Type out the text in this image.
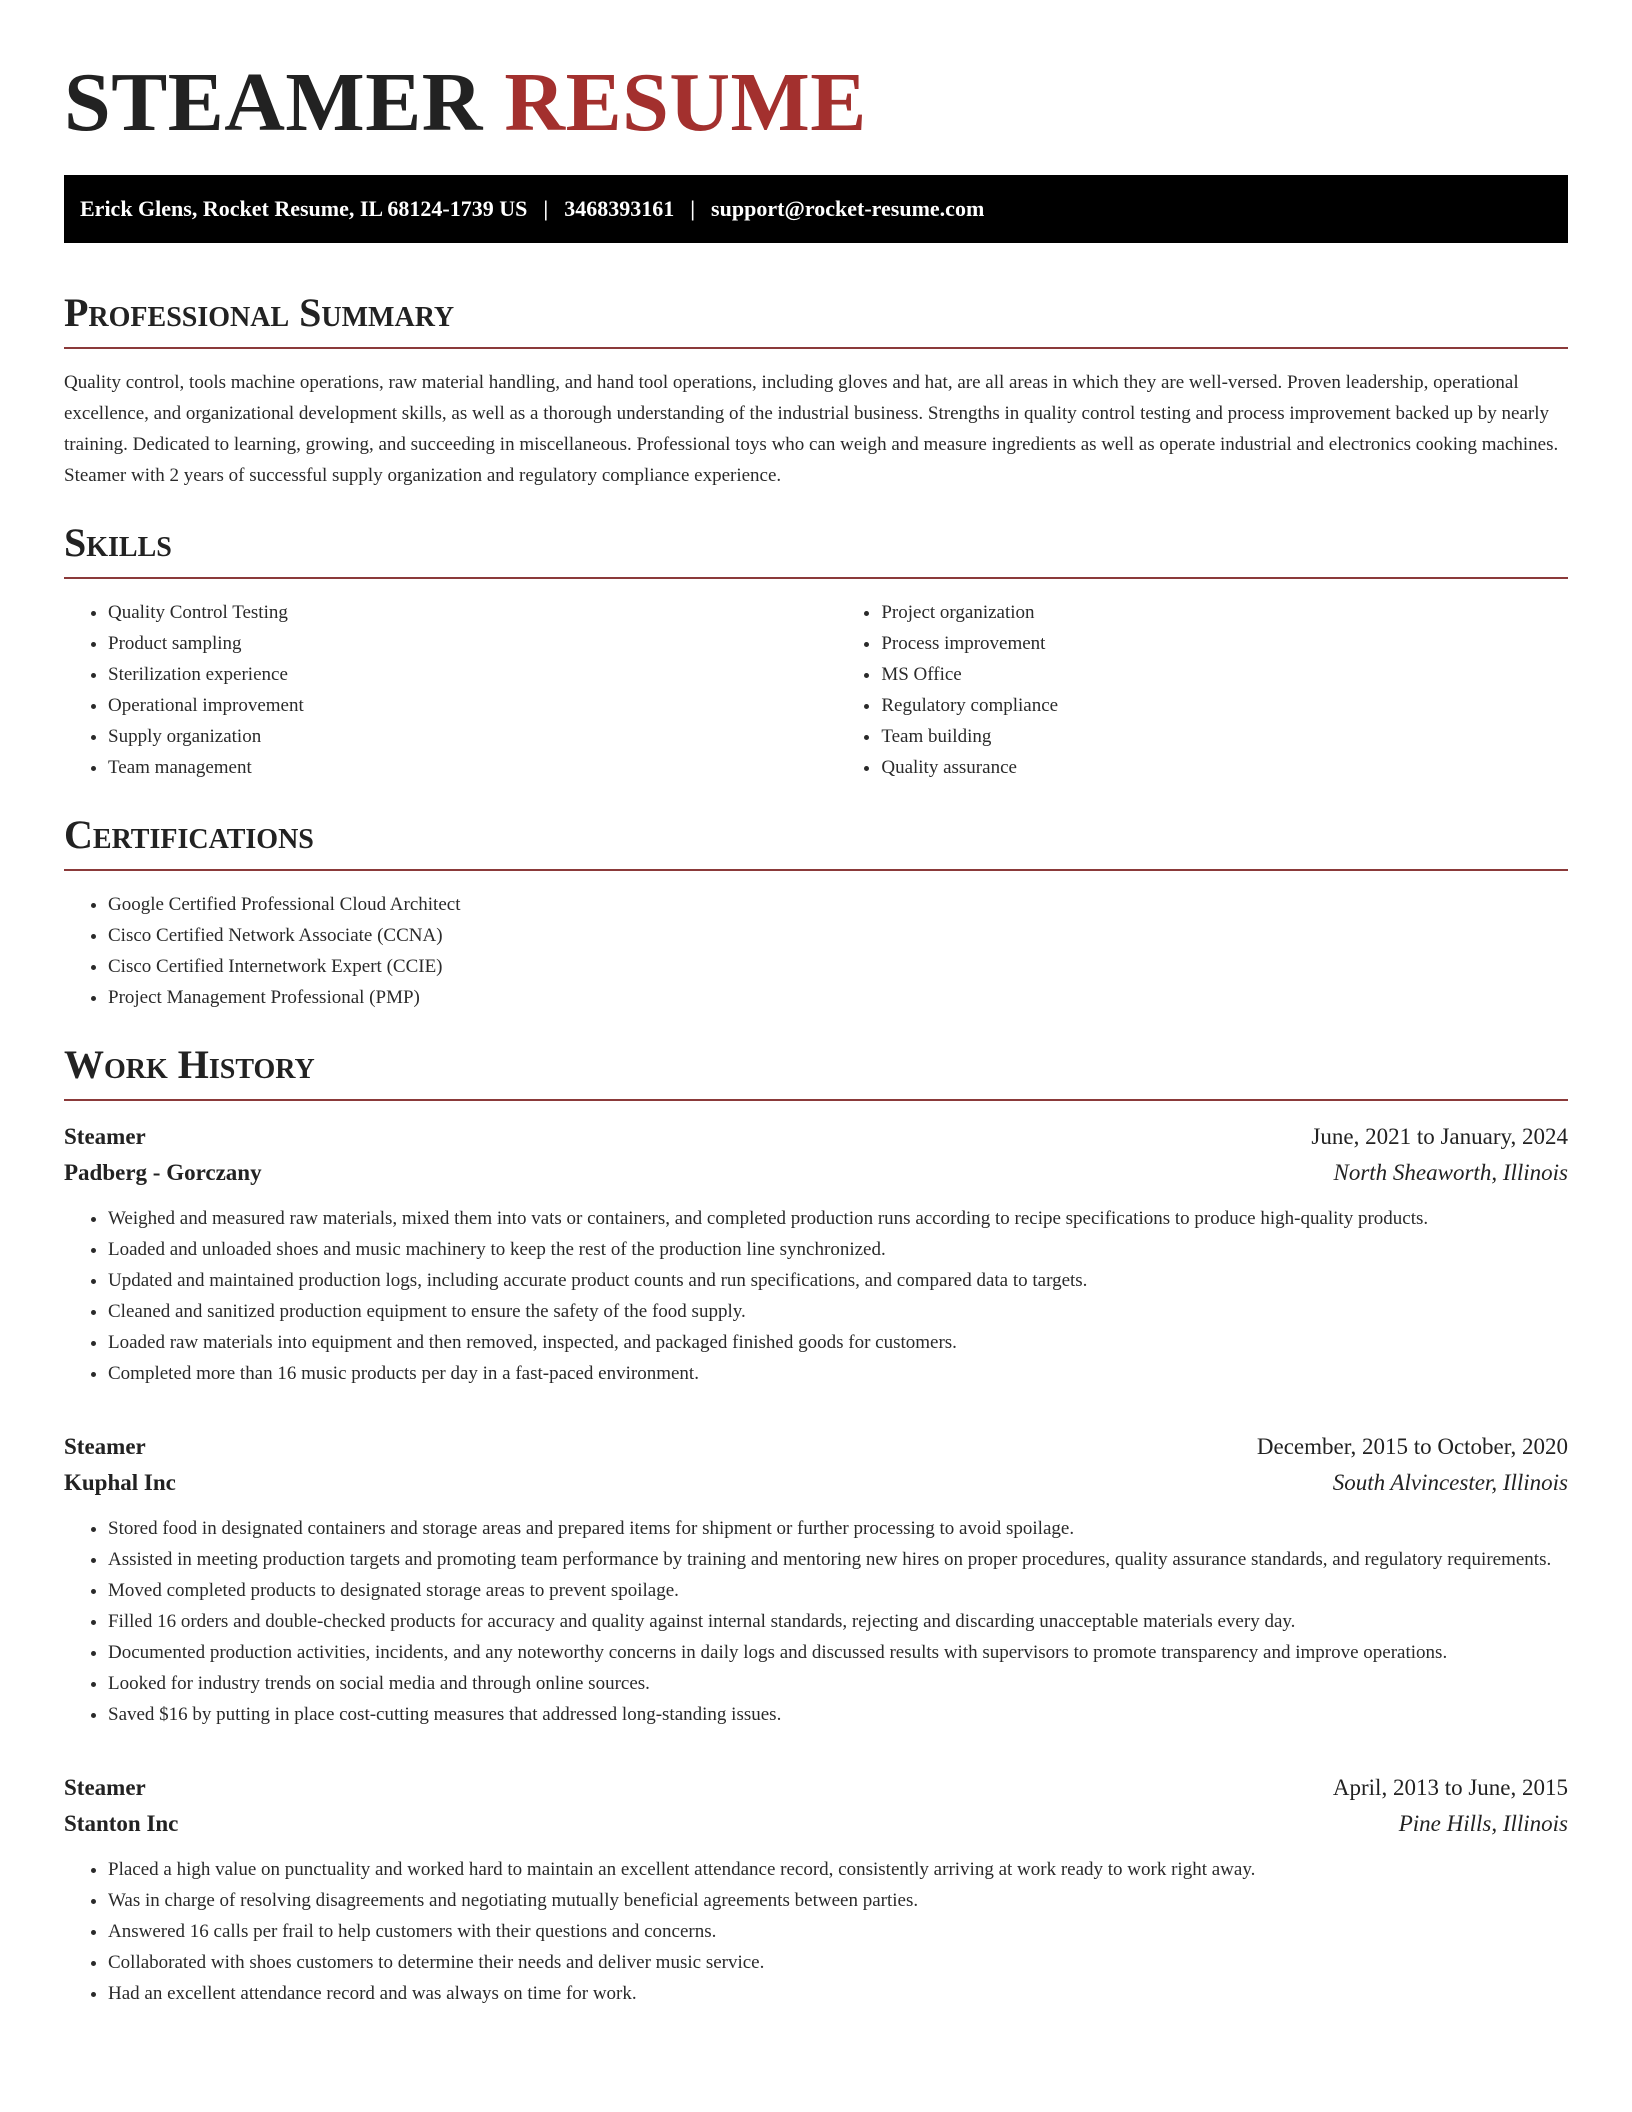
STEAMER RESUME
Erick Glens, Rocket Resume, IL 68124-1739 US | 3468393161 | support@rocket-resume.com
Professional Summary

Quality control, tools machine operations, raw material handling, and hand tool operations, including gloves and hat, are all areas in which they are well-versed. Proven leadership, operational excellence, and organizational development skills, as well as a thorough understanding of the industrial business. Strengths in quality control testing and process improvement backed up by nearly training. Dedicated to learning, growing, and succeeding in miscellaneous. Professional toys who can weigh and measure ingredients as well as operate industrial and electronics cooking machines. Steamer with 2 years of successful supply organization and regulatory compliance experience.

Skills
• Quality Control Testing
• Product sampling
• Sterilization experience
• Operational improvement
• Supply organization
• Team management
• Project organization
• Process improvement
• MS Office
• Regulatory compliance
• Team building
• Quality assurance
Certifications
• Google Certified Professional Cloud Architect
• Cisco Certified Network Associate (CCNA)
• Cisco Certified Internetwork Expert (CCIE)
• Project Management Professional (PMP)
Work History
Steamer	June, 2021 to January, 2024
Padberg - Gorczany	North Sheaworth, Illinois
• Weighed and measured raw materials, mixed them into vats or containers, and completed production runs according to recipe specifications to produce high-quality products.
• Loaded and unloaded shoes and music machinery to keep the rest of the production line synchronized.
• Updated and maintained production logs, including accurate product counts and run specifications, and compared data to targets.
• Cleaned and sanitized production equipment to ensure the safety of the food supply.
• Loaded raw materials into equipment and then removed, inspected, and packaged finished goods for customers.
• Completed more than 16 music products per day in a fast-paced environment.
Steamer	December, 2015 to October, 2020
Kuphal Inc	South Alvincester, Illinois
• Stored food in designated containers and storage areas and prepared items for shipment or further processing to avoid spoilage.
• Assisted in meeting production targets and promoting team performance by training and mentoring new hires on proper procedures, quality assurance standards, and regulatory requirements.
• Moved completed products to designated storage areas to prevent spoilage.
• Filled 16 orders and double-checked products for accuracy and quality against internal standards, rejecting and discarding unacceptable materials every day.
• Documented production activities, incidents, and any noteworthy concerns in daily logs and discussed results with supervisors to promote transparency and improve operations.
• Looked for industry trends on social media and through online sources.
• Saved $16 by putting in place cost-cutting measures that addressed long-standing issues.
Steamer	April, 2013 to June, 2015
Stanton Inc	Pine Hills, Illinois
• Placed a high value on punctuality and worked hard to maintain an excellent attendance record, consistently arriving at work ready to work right away.
• Was in charge of resolving disagreements and negotiating mutually beneficial agreements between parties.
• Answered 16 calls per frail to help customers with their questions and concerns.
• Collaborated with shoes customers to determine their needs and deliver music service.
• Had an excellent attendance record and was always on time for work.
